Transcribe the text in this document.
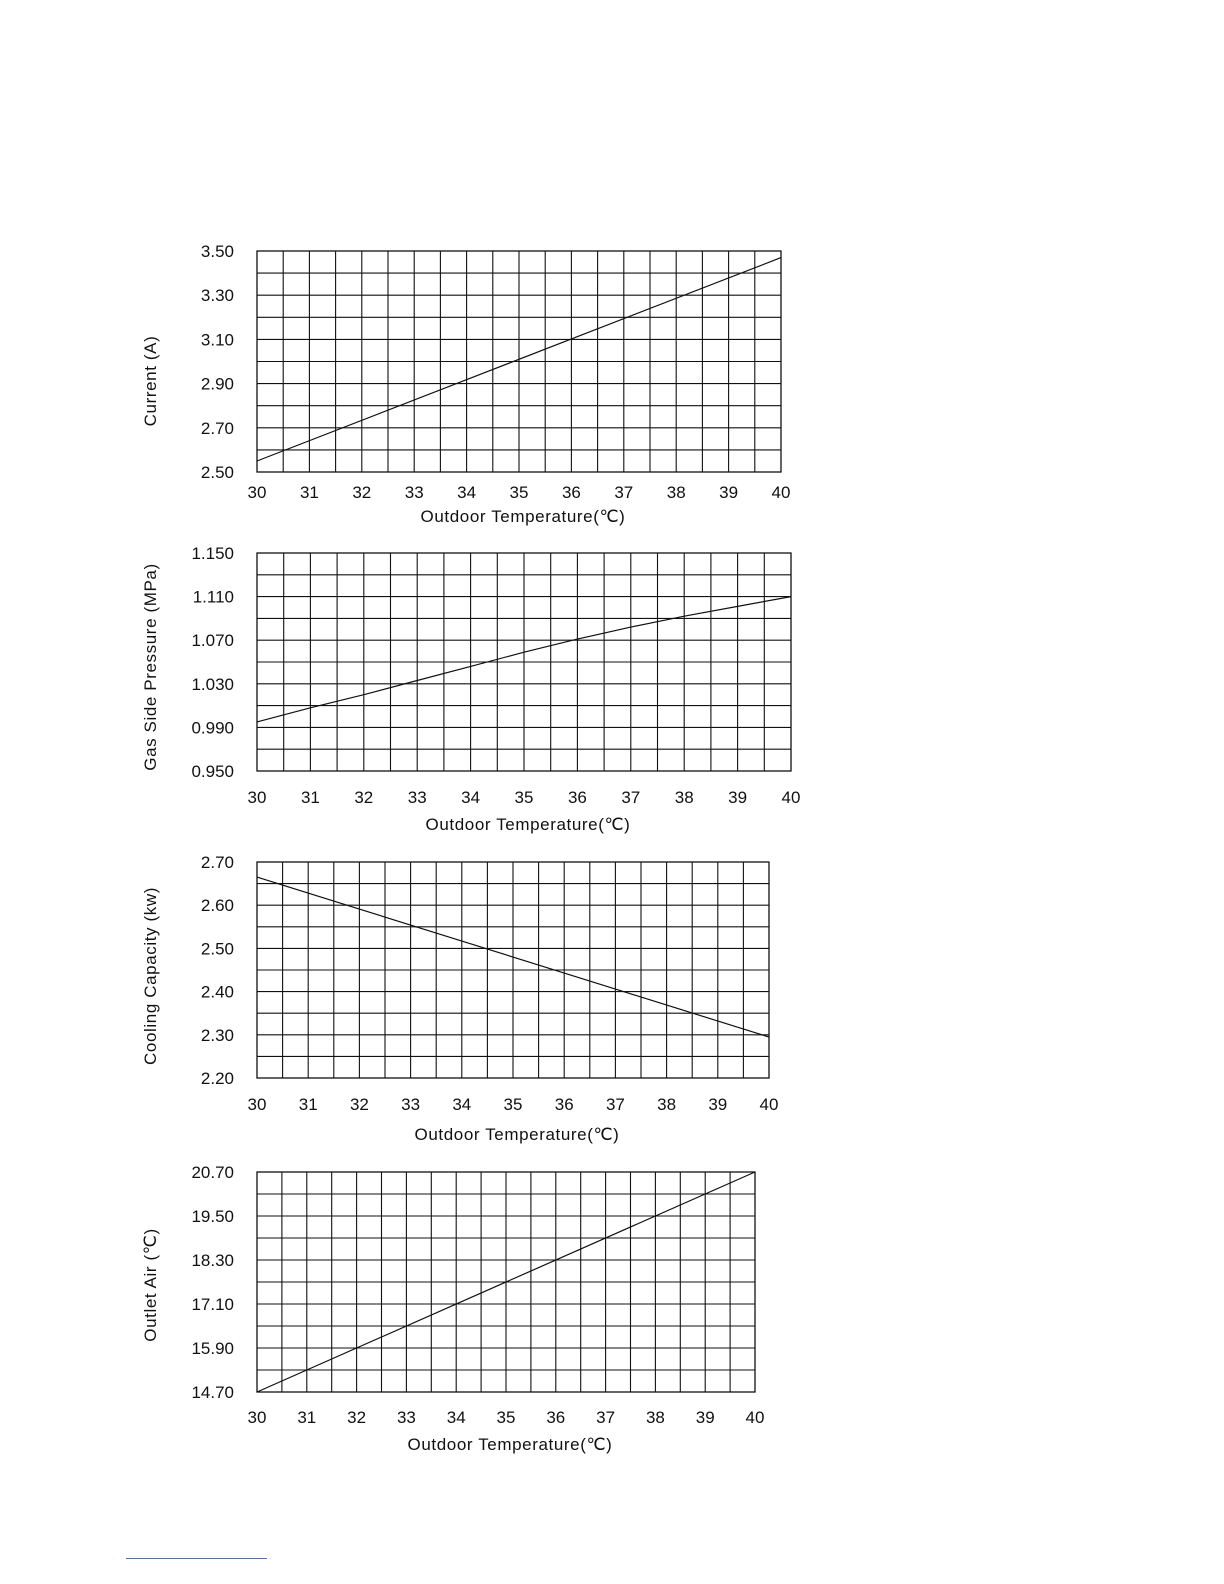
30 31 32 33 34 35 36 37 38 39 40
3.50
3.30
3.10
2.90
2.70
2.50
Outdoor Temperature(℃)
Current (A)
30 31 32 33 34 35 36 37 38 39 40
1.150
1.110
1.070
1.030
0.990
0.950
Outdoor Temperature(℃)
Gas Side Pressure (MPa)
30 31 32 33 34 35 36 37 38 39 40
2.70
2.60
2.50
2.40
2.30
2.20
Outdoor Temperature(℃)
Cooling Capacity (kw)
30 31 32 33 34 35 36 37 38 39 40
20.70
19.50
18.30
17.10
15.90
14.70
Outdoor Temperature(℃)
Outlet Air (℃)
